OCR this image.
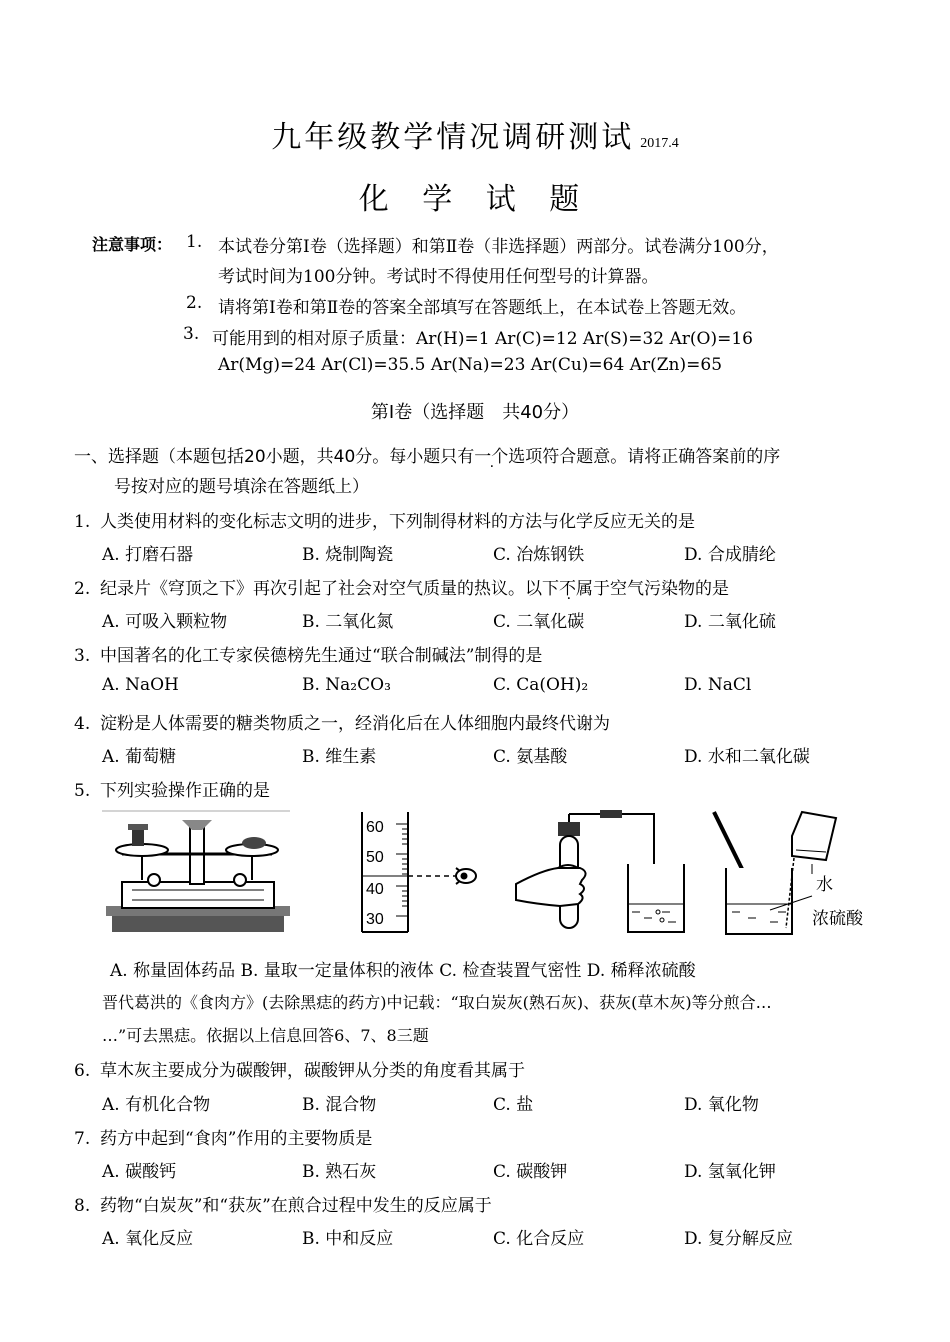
九年级教学情况调研测试 2017.4
化 学 试 题
注意事项： 1. 本试卷分第Ⅰ卷（选择题）和第Ⅱ卷（非选择题）两部分。试卷满分100分，
考试时间为100分钟。考试时不得使用任何型号的计算器。
2. 请将第Ⅰ卷和第Ⅱ卷的答案全部填写在答题纸上，在本试卷上答题无效。
3. 可能用到的相对原子质量：Ar(H)=1 Ar(C)=12 Ar(S)=32 Ar(O)=16
Ar(Mg)=24 Ar(Cl)=35.5 Ar(Na)=23 Ar(Cu)=64 Ar(Zn)=65
第Ⅰ卷（选择题　共40分）
一、选择题（本题包括20小题，共40分。每小题只有一个选项符合题意。请将正确答案前的序
号按对应的题号填涂在答题纸上）
1. 人类使用材料的变化标志文明的进步，下列制得材料的方法与化学反应无关的是
A. 打磨石器	B. 烧制陶瓷	C. 冶炼钢铁	D. 合成腈纶
2. 纪录片《穹顶之下》再次引起了社会对空气质量的热议。以下不属于空气污染物的是
A. 可吸入颗粒物	B. 二氧化氮	C. 二氧化碳	D. 二氧化硫
3. 中国著名的化工专家侯德榜先生通过“联合制碱法”制得的是
A. NaOH	B. Na₂CO₃	C. Ca(OH)₂	D. NaCl
4. 淀粉是人体需要的糖类物质之一，经消化后在人体细胞内最终代谢为
A. 葡萄糖	B. 维生素	C. 氨基酸	D. 水和二氧化碳
5. 下列实验操作正确的是
60
50
40
30
水
浓硫酸
A. 称量固体药品 B. 量取一定量体积的液体 C. 检查装置气密性 D. 稀释浓硫酸
晋代葛洪的《食肉方》(去除黑痣的药方)中记载：“取白炭灰(熟石灰)、获灰(草木灰)等分煎合…
…”可去黑痣。依据以上信息回答6、7、8三题
6. 草木灰主要成分为碳酸钾，碳酸钾从分类的角度看其属于
A. 有机化合物	B. 混合物	C. 盐	D. 氧化物
7. 药方中起到“食肉”作用的主要物质是
A. 碳酸钙	B. 熟石灰	C. 碳酸钾	D. 氢氧化钾
8. 药物“白炭灰”和“获灰”在煎合过程中发生的反应属于
A. 氧化反应	B. 中和反应	C. 化合反应	D. 复分解反应
